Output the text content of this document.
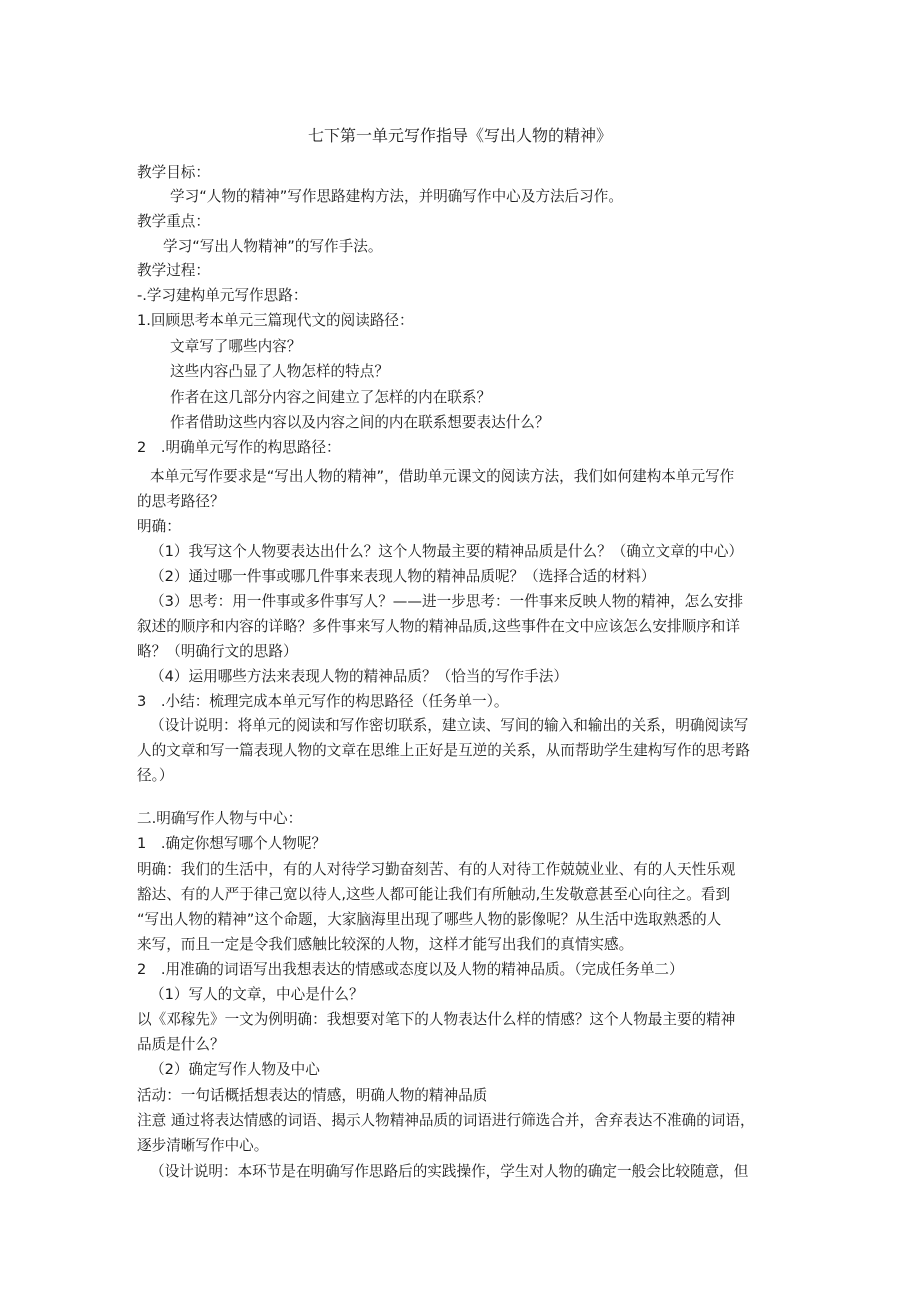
七下第一单元写作指导《写出人物的精神》
教学目标：
学习“人物的精神”写作思路建构方法，并明确写作中心及方法后习作。
教学重点：
学习“写出人物精神”的写作手法。
教学过程：
-.学习建构单元写作思路：
1.回顾思考本单元三篇现代文的阅读路径：
文章写了哪些内容？
这些内容凸显了人物怎样的特点？
作者在这几部分内容之间建立了怎样的内在联系？
作者借助这些内容以及内容之间的内在联系想要表达什么？
2　.明确单元写作的构思路径：
本单元写作要求是“写出人物的精神”，借助单元课文的阅读方法，我们如何建构本单元写作
的思考路径？
明确：
（1）我写这个人物要表达出什么？这个人物最主要的精神品质是什么？（确立文章的中心）
（2）通过哪一件事或哪几件事来表现人物的精神品质呢？（选择合适的材料）
（3）思考：用一件事或多件事写人？——进一步思考：一件事来反映人物的精神，怎么安排
叙述的顺序和内容的详略？多件事来写人物的精神品质,这些事件在文中应该怎么安排顺序和详
略？（明确行文的思路）
（4）运用哪些方法来表现人物的精神品质？（恰当的写作手法）
3　.小结：梳理完成本单元写作的构思路径（任务单一）。
（设计说明：将单元的阅读和写作密切联系，建立读、写间的输入和输出的关系，明确阅读写
人的文章和写一篇表现人物的文章在思维上正好是互逆的关系，从而帮助学生建构写作的思考路
径。）
二.明确写作人物与中心：
1　.确定你想写哪个人物呢？
明确：我们的生活中，有的人对待学习勤奋刻苦、有的人对待工作兢兢业业、有的人天性乐观
豁达、有的人严于律己宽以待人,这些人都可能让我们有所触动,生发敬意甚至心向往之。看到
“写出人物的精神”这个命题，大家脑海里出现了哪些人物的影像呢？从生活中选取熟悉的人
来写，而且一定是令我们感触比较深的人物，这样才能写出我们的真情实感。
2　.用准确的词语写出我想表达的情感或态度以及人物的精神品质。（完成任务单二）
（1）写人的文章，中心是什么？
以《邓稼先》一文为例明确：我想要对笔下的人物表达什么样的情感？这个人物最主要的精神
品质是什么？
（2）确定写作人物及中心
活动：一句话概括想表达的情感，明确人物的精神品质
注意 通过将表达情感的词语、揭示人物精神品质的词语进行筛选合并，舍弃表达不准确的词语，
逐步清晰写作中心。
（设计说明：本环节是在明确写作思路后的实践操作，学生对人物的确定一般会比较随意，但
